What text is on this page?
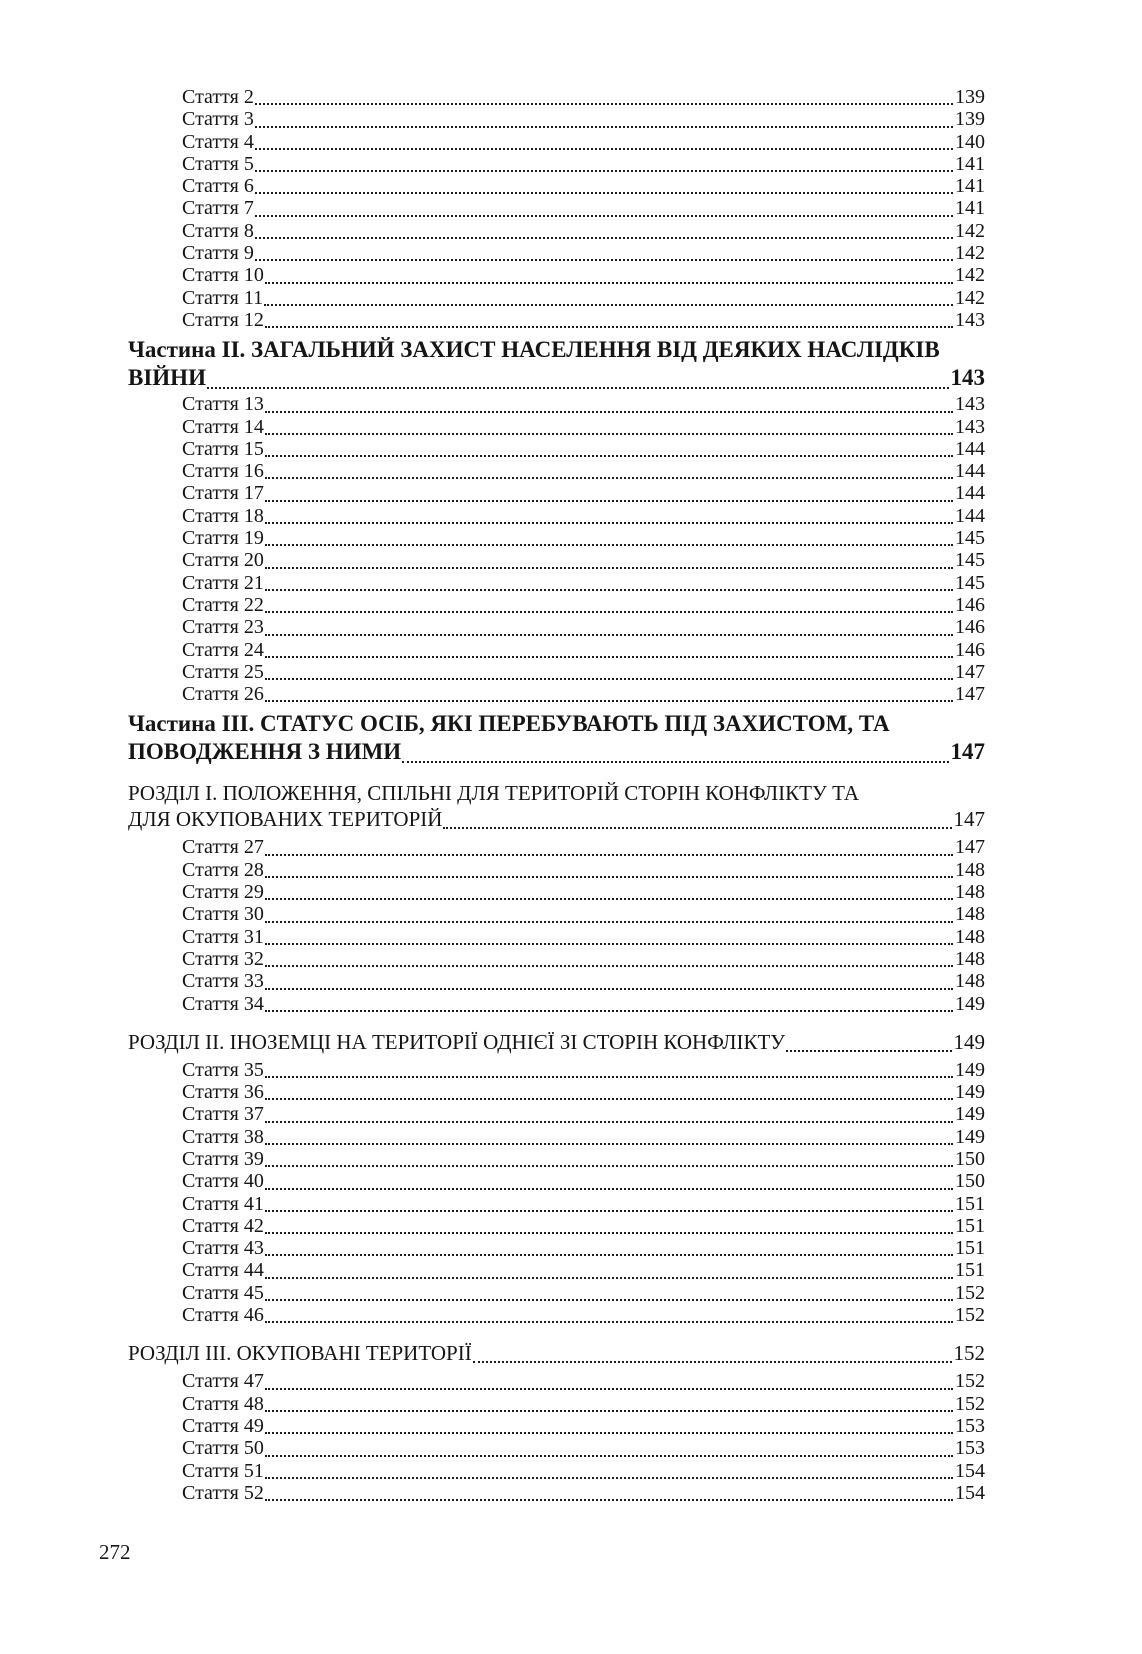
Стаття 2	139
Стаття 3	139
Стаття 4	140
Стаття 5	141
Стаття 6	141
Стаття 7	141
Стаття 8	142
Стаття 9	142
Стаття 10	142
Стаття 11	142
Стаття 12	143
Частина II. ЗАГАЛЬНИЙ ЗАХИСТ НАСЕЛЕННЯ ВІД ДЕЯКИХ НАСЛІДКІВ
ВІЙНИ	143
Стаття 13	143
Стаття 14	143
Стаття 15	144
Стаття 16	144
Стаття 17	144
Стаття 18	144
Стаття 19	145
Стаття 20	145
Стаття 21	145
Стаття 22	146
Стаття 23	146
Стаття 24	146
Стаття 25	147
Стаття 26	147
Частина III. СТАТУС ОСІБ, ЯКІ ПЕРЕБУВАЮТЬ ПІД ЗАХИСТОМ, ТА
ПОВОДЖЕННЯ З НИМИ	147
РОЗДІЛ I. ПОЛОЖЕННЯ, СПІЛЬНІ ДЛЯ ТЕРИТОРІЙ СТОРІН КОНФЛІКТУ ТА
ДЛЯ ОКУПОВАНИХ ТЕРИТОРІЙ	147
Стаття 27	147
Стаття 28	148
Стаття 29	148
Стаття 30	148
Стаття 31	148
Стаття 32	148
Стаття 33	148
Стаття 34	149
РОЗДІЛ II. ІНОЗЕМЦІ НА ТЕРИТОРІЇ ОДНІЄЇ ЗІ СТОРІН КОНФЛІКТУ	149
Стаття 35	149
Стаття 36	149
Стаття 37	149
Стаття 38	149
Стаття 39	150
Стаття 40	150
Стаття 41	151
Стаття 42	151
Стаття 43	151
Стаття 44	151
Стаття 45	152
Стаття 46	152
РОЗДІЛ III. ОКУПОВАНІ ТЕРИТОРІЇ	152
Стаття 47	152
Стаття 48	152
Стаття 49	153
Стаття 50	153
Стаття 51	154
Стаття 52	154
272
